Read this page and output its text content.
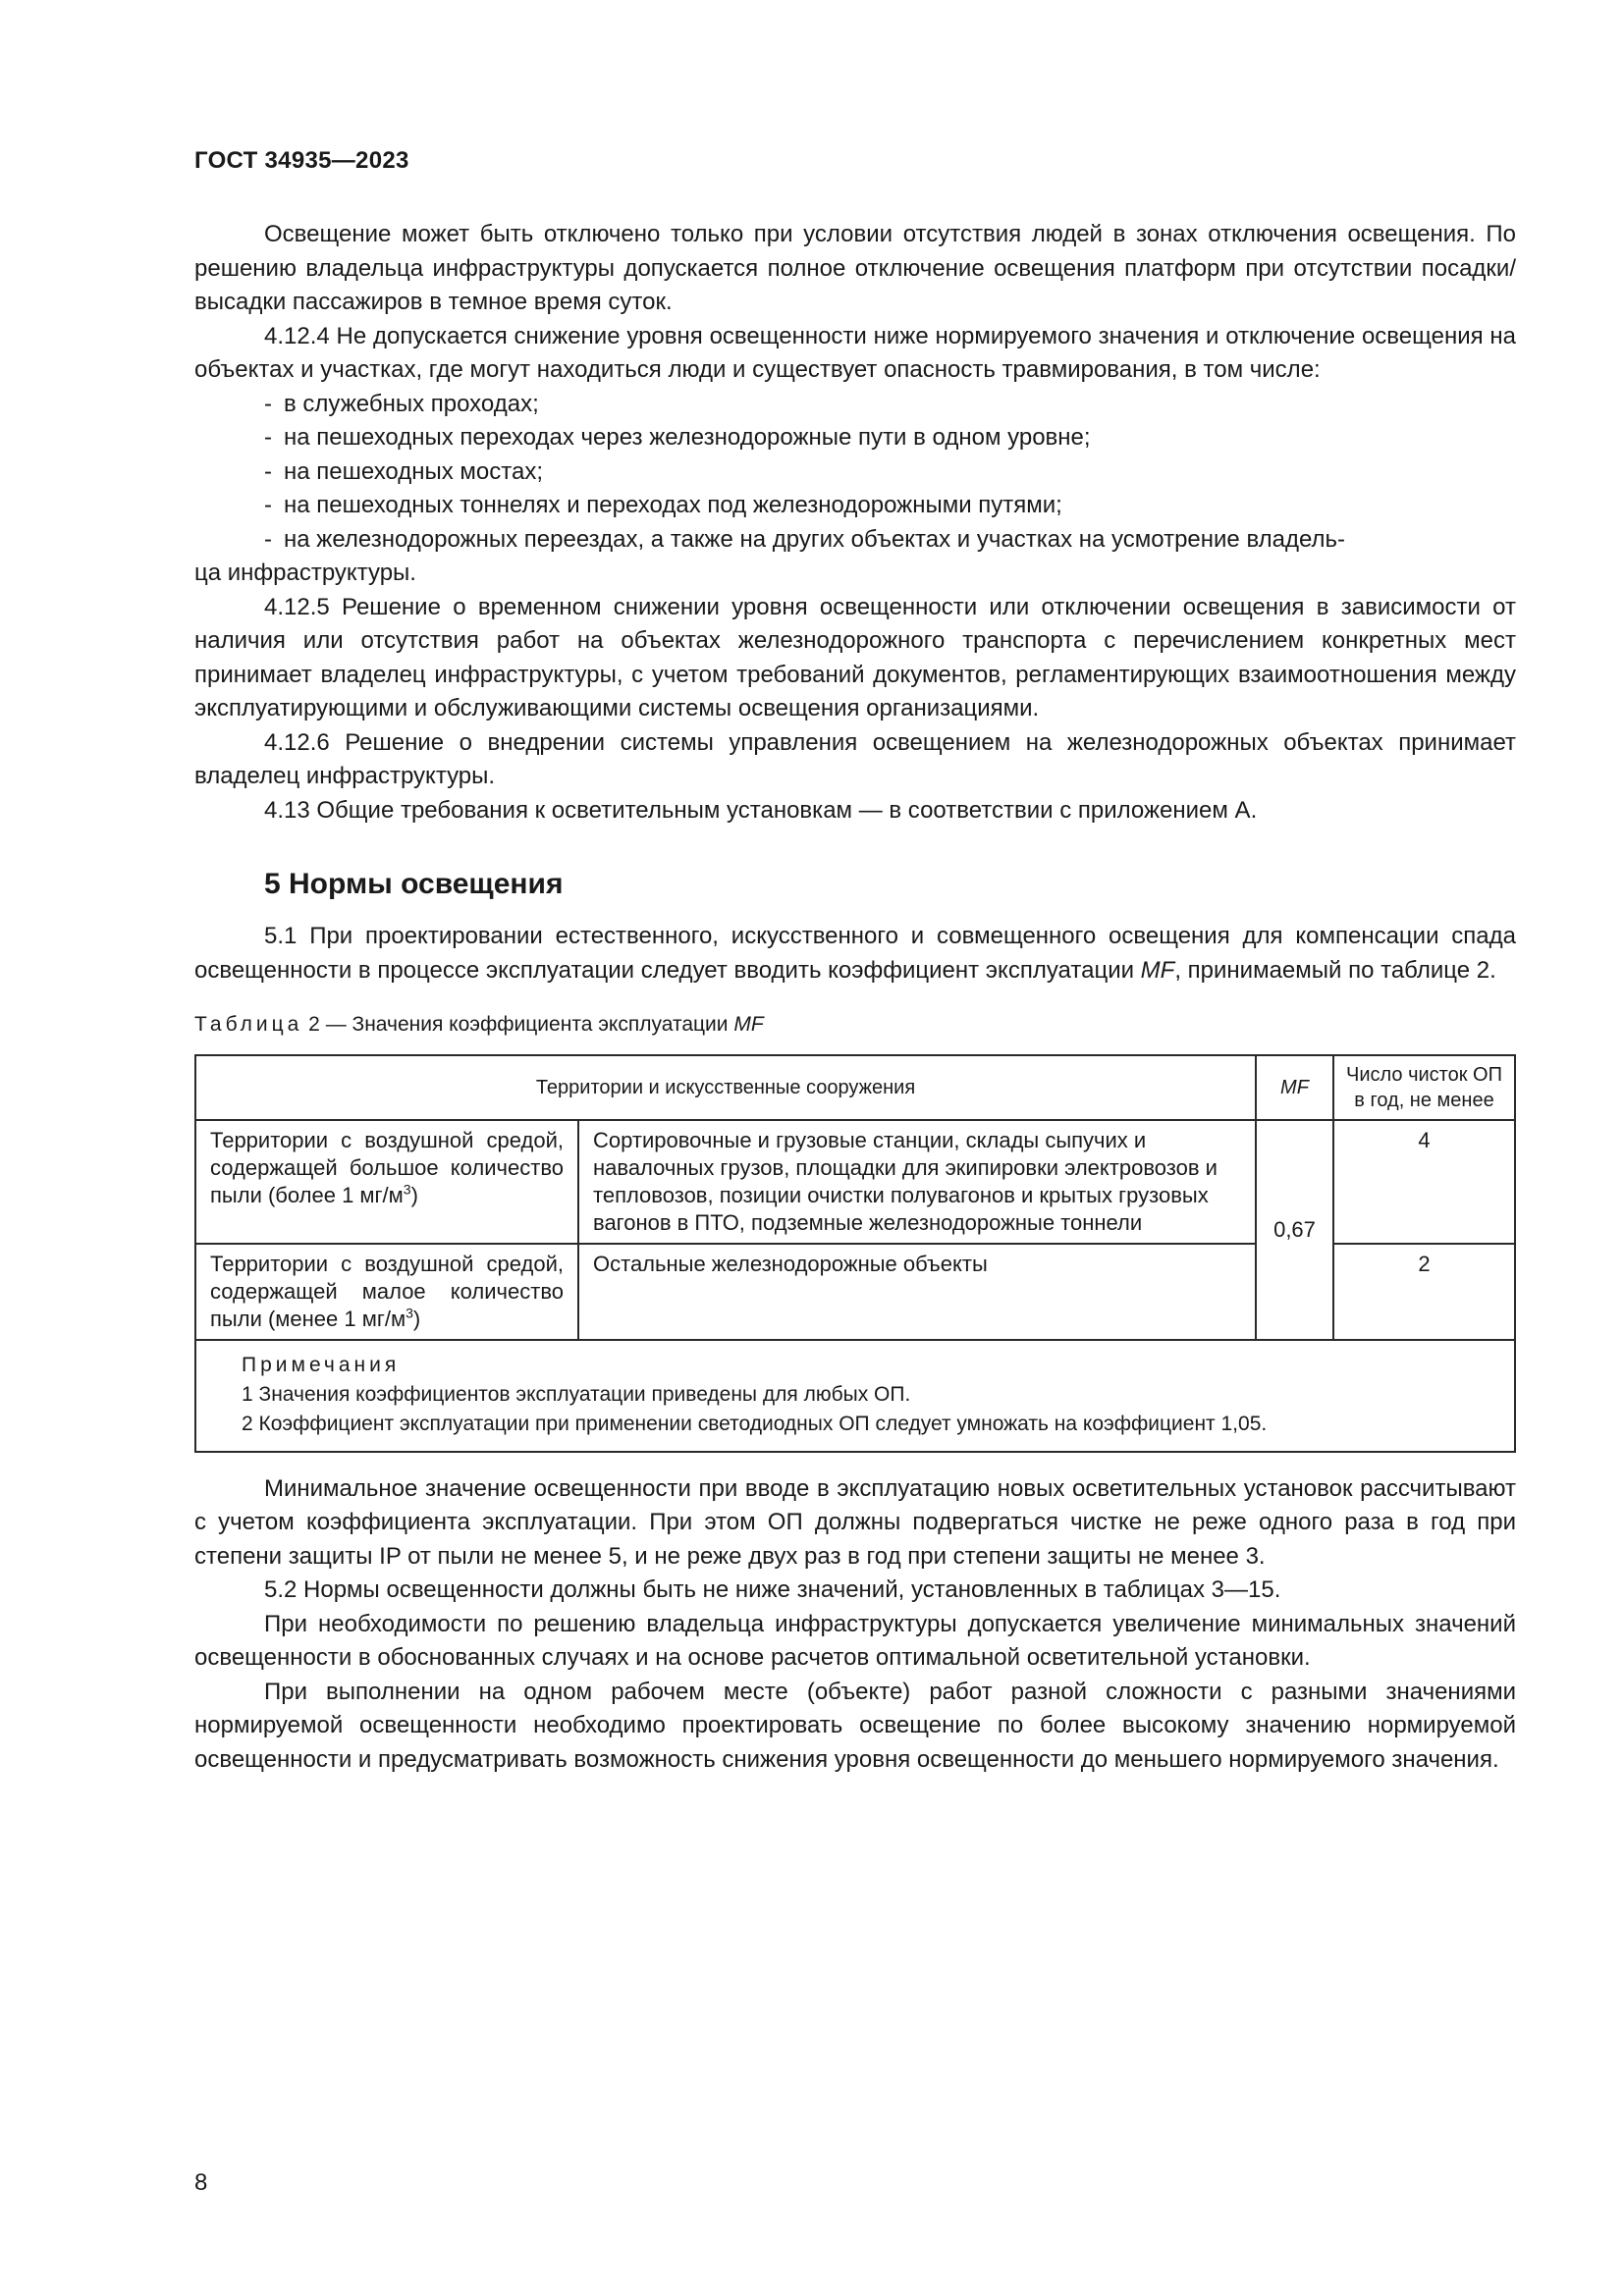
ГОСТ 34935—2023

Освещение может быть отключено только при условии отсутствия людей в зонах отключения освещения. По решению владельца инфраструктуры допускается полное отключение освещения платформ при отсутствии посадки/высадки пассажиров в темное время суток.

4.12.4 Не допускается снижение уровня освещенности ниже нормируемого значения и отключение освещения на объектах и участках, где могут находиться люди и существует опасность травмирования, в том числе:

- в служебных проходах;

- на пешеходных переходах через железнодорожные пути в одном уровне;

- на пешеходных мостах;

- на пешеходных тоннелях и переходах под железнодорожными путями;

- на железнодорожных переездах, а также на других объектах и участках на усмотрение владель-

ца инфраструктуры.

4.12.5 Решение о временном снижении уровня освещенности или отключении освещения в зависимости от наличия или отсутствия работ на объектах железнодорожного транспорта с перечислением конкретных мест принимает владелец инфраструктуры, с учетом требований документов, регламентирующих взаимоотношения между эксплуатирующими и обслуживающими системы освещения организациями.

4.12.6 Решение о внедрении системы управления освещением на железнодорожных объектах принимает владелец инфраструктуры.

4.13 Общие требования к осветительным установкам — в соответствии с приложением А.

5 Нормы освещения

5.1 При проектировании естественного, искусственного и совмещенного освещения для компенсации спада освещенности в процессе эксплуатации следует вводить коэффициент эксплуатации MF, принимаемый по таблице 2.

Таблица 2 — Значения коэффициента эксплуатации MF
Территории и искусственные сооружения		MF	Число чисток ОП в год, не менее
Территории с воздушной средой, содержащей большое количество пыли (более 1 $мг/м^3$)	Сортировочные и грузовые станции, склады сыпучих и навалочных грузов, площадки для экипировки электровозов и тепловозов, позиции очистки полувагонов и крытых грузовых вагонов в ПТО, подземные железнодорожные тоннели	0,67	4
Территории с воздушной средой, содержащей малое количество пыли (менее 1 $мг/м^3$)	Остальные железнодорожные объекты		2

Примечания
1 Значения коэффициентов эксплуатации приведены для любых ОП.
2 Коэффициент эксплуатации при применении светодиодных ОП следует умножать на коэффициент 1,05.			

Минимальное значение освещенности при вводе в эксплуатацию новых осветительных установок рассчитывают с учетом коэффициента эксплуатации. При этом ОП должны подвергаться чистке не реже одного раза в год при степени защиты IP от пыли не менее 5, и не реже двух раз в год при степени защиты не менее 3.

5.2 Нормы освещенности должны быть не ниже значений, установленных в таблицах 3—15.

При необходимости по решению владельца инфраструктуры допускается увеличение минимальных значений освещенности в обоснованных случаях и на основе расчетов оптимальной осветительной установки.

При выполнении на одном рабочем месте (объекте) работ разной сложности с разными значениями нормируемой освещенности необходимо проектировать освещение по более высокому значению нормируемой освещенности и предусматривать возможность снижения уровня освещенности до меньшего нормируемого значения.

8
